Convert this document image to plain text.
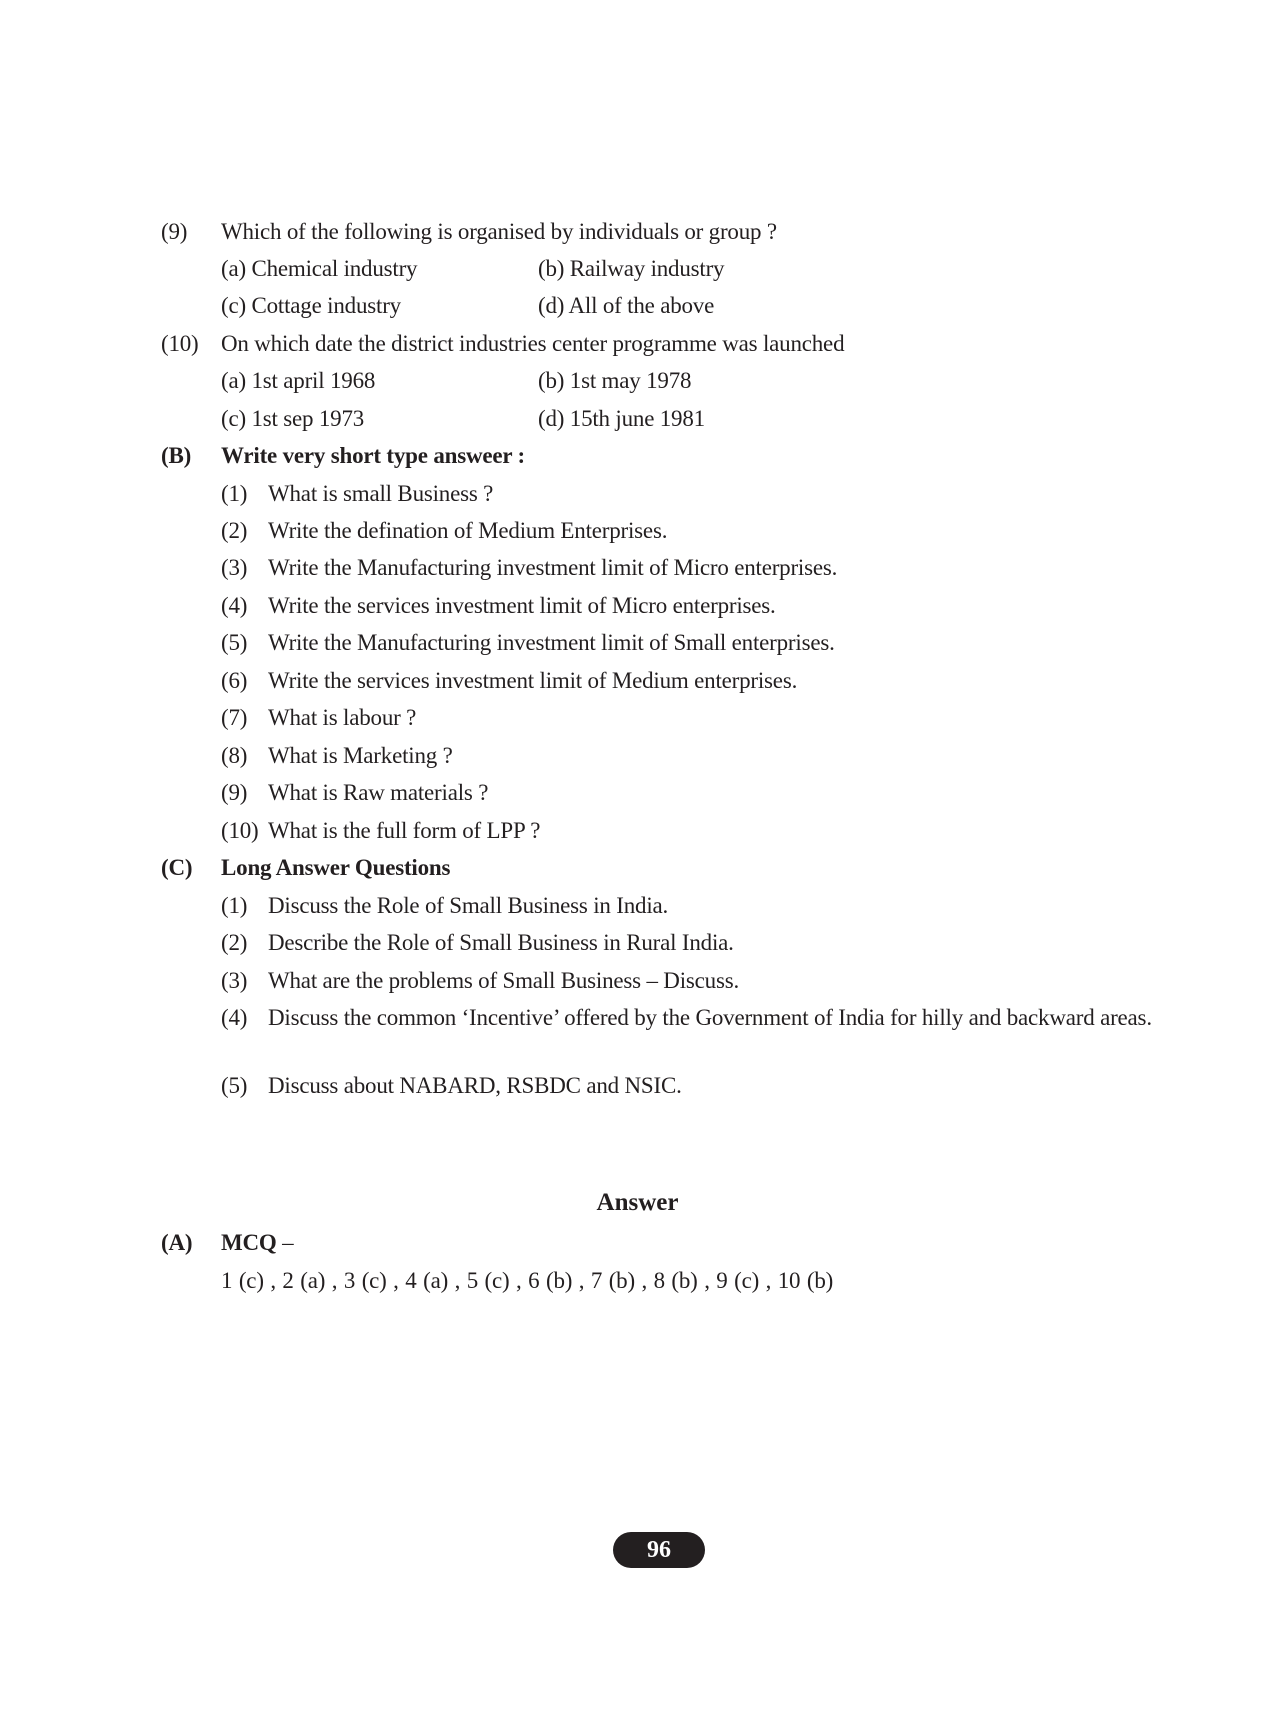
(9) Which of the following is organised by individuals or group ?
(a) Chemical industry	(b) Railway industry
(c) Cottage industry	(d) All of the above
(10) On which date the district industries center programme was launched
(a) 1st april 1968	(b) 1st may 1978
(c) 1st sep 1973	(d) 15th june 1981
(B) Write very short type answeer :
(1) What is small Business ?
(2) Write the defination of Medium Enterprises.
(3) Write the Manufacturing investment limit of Micro enterprises.
(4) Write the services investment limit of Micro enterprises.
(5) Write the Manufacturing investment limit of Small enterprises.
(6) Write the services investment limit of Medium enterprises.
(7) What is labour ?
(8) What is Marketing ?
(9) What is Raw materials ?
(10) What is the full form of LPP ?
(C) Long Answer Questions
(1) Discuss the Role of Small Business in India.
(2) Describe the Role of Small Business in Rural India.
(3) What are the problems of Small Business – Discuss.
(4) Discuss the common ‘Incentive’ offered by the Government of India for hilly and backward areas.
(5) Discuss about NABARD, RSBDC and NSIC.
Answer
(A) MCQ –
1 (c) , 2 (a) , 3 (c) , 4 (a) , 5 (c) , 6 (b) , 7 (b) , 8 (b) , 9 (c) , 10 (b)
96
